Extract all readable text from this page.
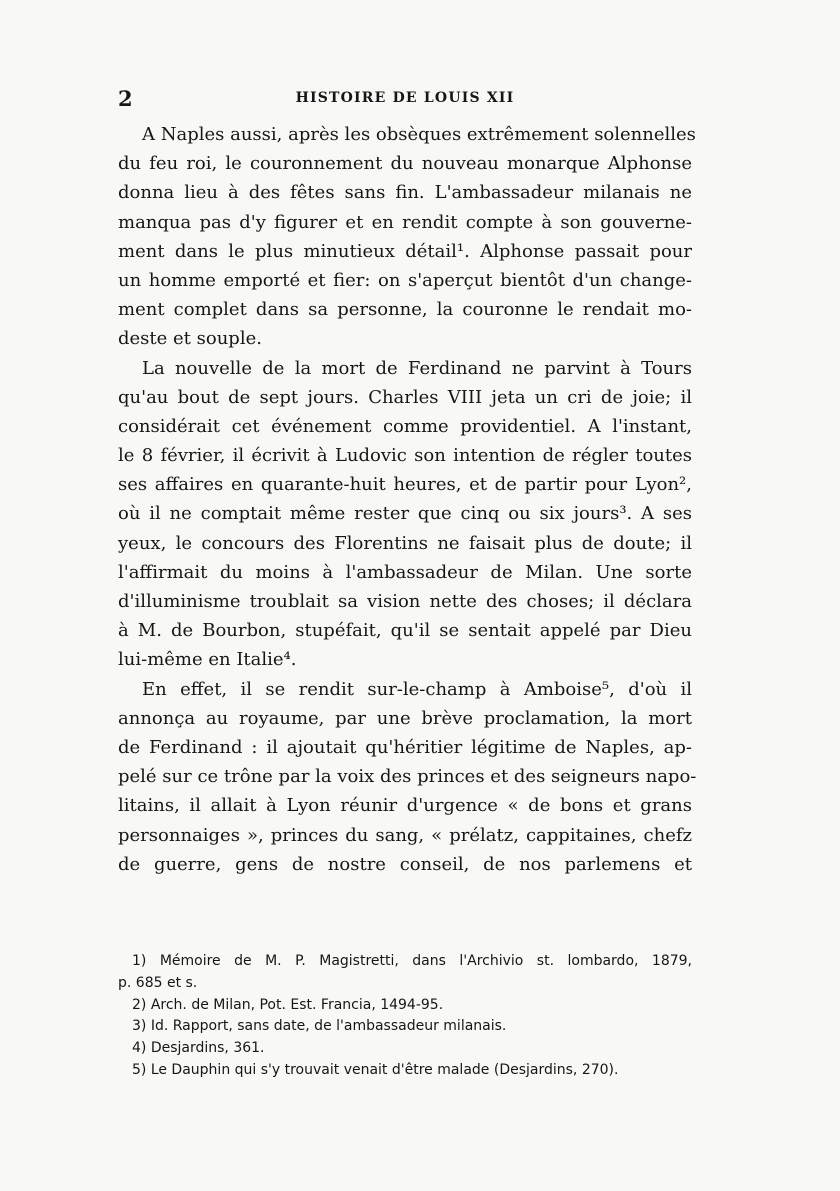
2	HISTOIRE DE LOUIS XII
A Naples aussi, après les obsèques extrêmement solennelles
du feu roi, le couronnement du nouveau monarque Alphonse
donna lieu à des fêtes sans fin. L'ambassadeur milanais ne
manqua pas d'y figurer et en rendit compte à son gouverne-
ment dans le plus minutieux détail¹. Alphonse passait pour
un homme emporté et fier: on s'aperçut bientôt d'un change-
ment complet dans sa personne, la couronne le rendait mo-
deste et souple.
La nouvelle de la mort de Ferdinand ne parvint à Tours
qu'au bout de sept jours. Charles VIII jeta un cri de joie; il
considérait cet événement comme providentiel. A l'instant,
le 8 février, il écrivit à Ludovic son intention de régler toutes
ses affaires en quarante-huit heures, et de partir pour Lyon²,
où il ne comptait même rester que cinq ou six jours³. A ses
yeux, le concours des Florentins ne faisait plus de doute; il
l'affirmait du moins à l'ambassadeur de Milan. Une sorte
d'illuminisme troublait sa vision nette des choses; il déclara
à M. de Bourbon, stupéfait, qu'il se sentait appelé par Dieu
lui-même en Italie⁴.
En effet, il se rendit sur-le-champ à Amboise⁵, d'où il
annonça au royaume, par une brève proclamation, la mort
de Ferdinand : il ajoutait qu'héritier légitime de Naples, ap-
pelé sur ce trône par la voix des princes et des seigneurs napo-
litains, il allait à Lyon réunir d'urgence « de bons et grans
personnaiges », princes du sang, « prélatz, cappitaines, chefz
de guerre, gens de nostre conseil, de nos parlemens et
1) Mémoire de M. P. Magistretti, dans l'Archivio st. lombardo, 1879,
p. 685 et s.
2) Arch. de Milan, Pot. Est. Francia, 1494-95.
3) Id. Rapport, sans date, de l'ambassadeur milanais.
4) Desjardins, 361.
5) Le Dauphin qui s'y trouvait venait d'être malade (Desjardins, 270).
